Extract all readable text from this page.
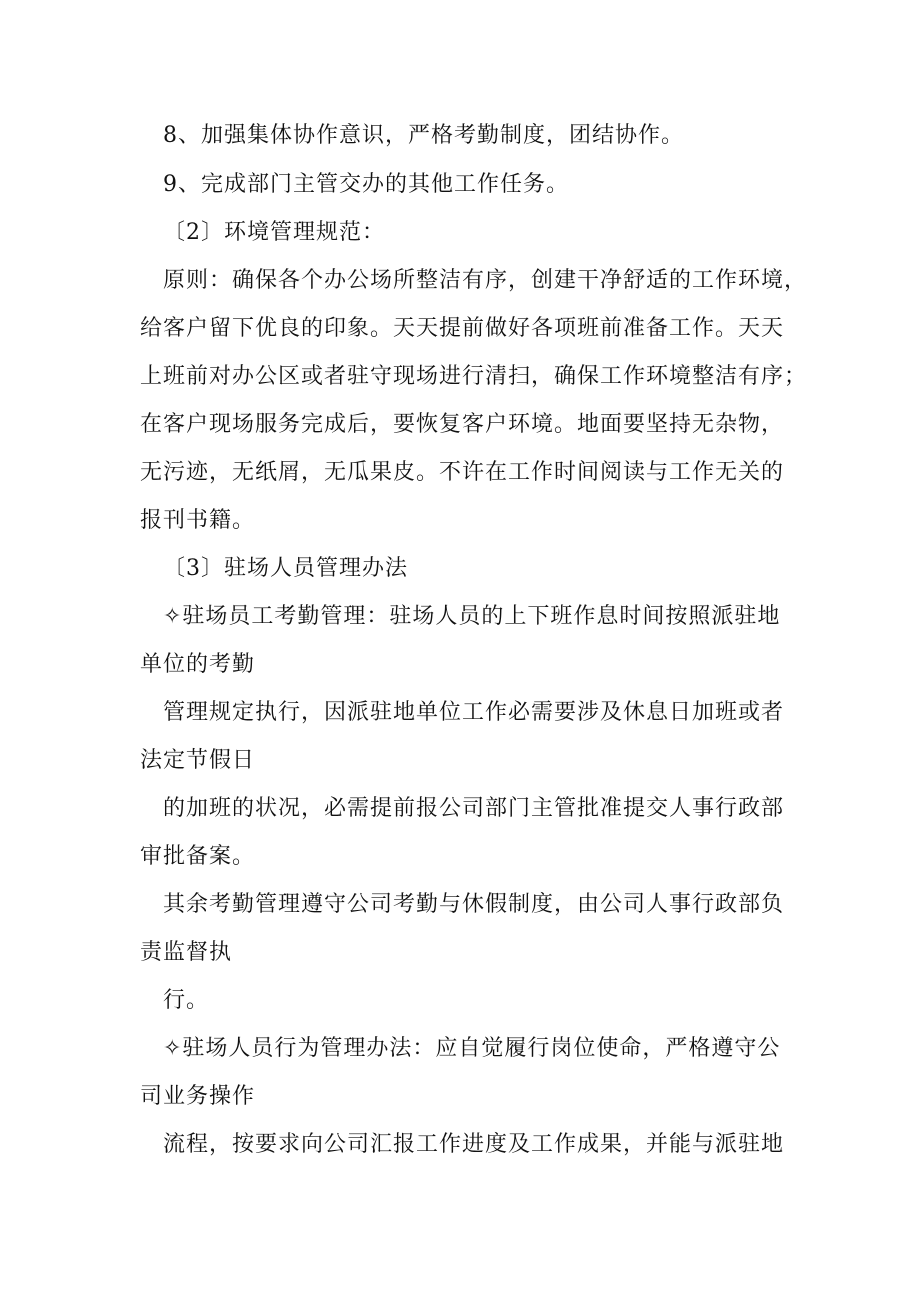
8、加强集体协作意识，严格考勤制度，团结协作。
9、完成部门主管交办的其他工作任务。
〔2〕环境管理规范：
原则：确保各个办公场所整洁有序，创建干净舒适的工作环境，
给客户留下优良的印象。天天提前做好各项班前准备工作。天天
上班前对办公区或者驻守现场进行清扫，确保工作环境整洁有序；
在客户现场服务完成后，要恢复客户环境。地面要坚持无杂物，
无污迹，无纸屑，无瓜果皮。不许在工作时间阅读与工作无关的
报刊书籍。
〔3〕驻场人员管理办法
✧驻场员工考勤管理：驻场人员的上下班作息时间按照派驻地
单位的考勤
管理规定执行，因派驻地单位工作必需要涉及休息日加班或者
法定节假日
的加班的状况，必需提前报公司部门主管批准提交人事行政部
审批备案。
其余考勤管理遵守公司考勤与休假制度，由公司人事行政部负
责监督执
行。
✧驻场人员行为管理办法：应自觉履行岗位使命，严格遵守公
司业务操作
流程，按要求向公司汇报工作进度及工作成果，并能与派驻地
